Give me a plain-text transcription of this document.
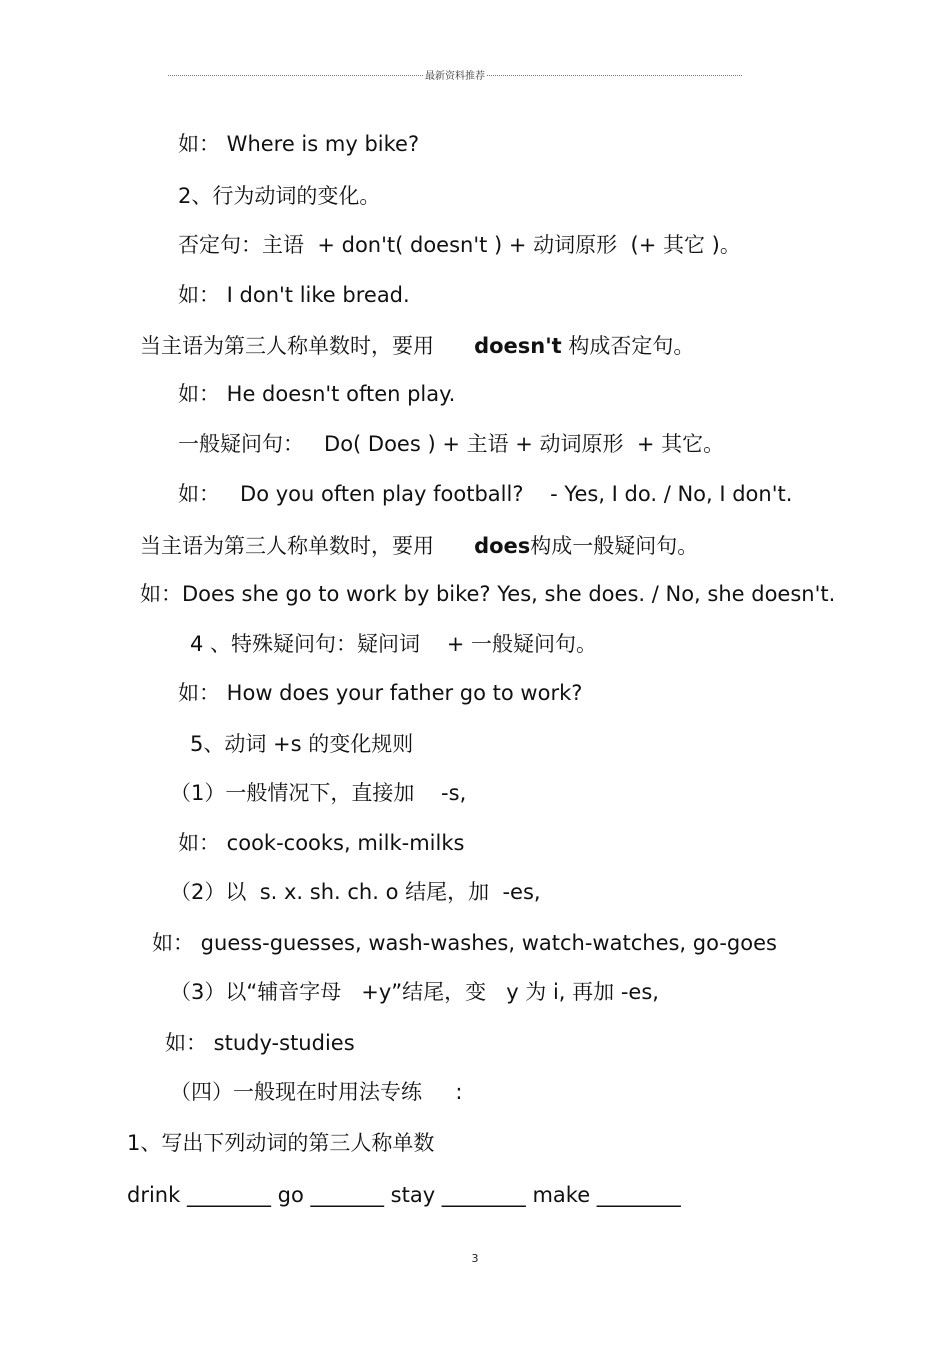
最新资料推荐
如： Where is my bike?
2、行为动词的变化。
否定句：主语  + don't( doesn't ) + 动词原形  (+ 其它 )。
如： I don't like bread.
当主语为第三人称单数时，要用      doesn't 构成否定句。
如： He doesn't often play.
一般疑问句：   Do( Does ) + 主语 + 动词原形  + 其它。
如：   Do you often play football?    - Yes, I do. / No, I don't.
当主语为第三人称单数时，要用      does构成一般疑问句。
如：Does she go to work by bike? Yes, she does. / No, she doesn't.
4 、特殊疑问句：疑问词    + 一般疑问句。
如： How does your father go to work?
5、动词 +s 的变化规则
（1）一般情况下，直接加    -s,
如： cook-cooks, milk-milks
（2）以  s. x. sh. ch. o 结尾，加  -es,
如： guess-guesses, wash-washes, watch-watches, go-goes
（3）以“辅音字母   +y”结尾，变   y 为 i, 再加 -es,
如： study-studies
（四）一般现在时用法专练     :
1、写出下列动词的第三人称单数
drink ________ go _______ stay ________ make ________
3
